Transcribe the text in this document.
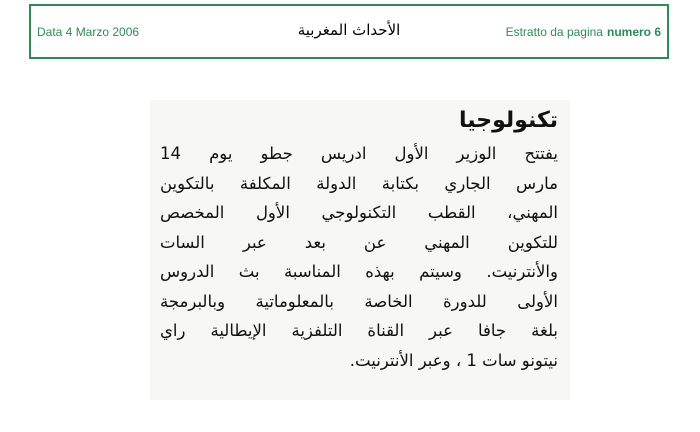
Data 4 Marzo 2006	الأحداث المغربية	Estratto da pagina numero 6
تكنولوجيا
يفتتح الوزير الأول ادريس جطو يوم 14
مارس الجاري بكتابة الدولة المكلفة بالتكوين
المهني، القطب التكنولوجي الأول المخصص
للتكوين المهني عن بعد عبر السات
والأنترنيت. وسيتم بهذه المناسبة بث الدروس
الأولى للدورة الخاصة بالمعلوماتية وبالبرمجة
بلغة جافا عبر القناة التلفزية الإيطالية راي
نيتونو سات 1 ، وعبر الأنترنيت.
